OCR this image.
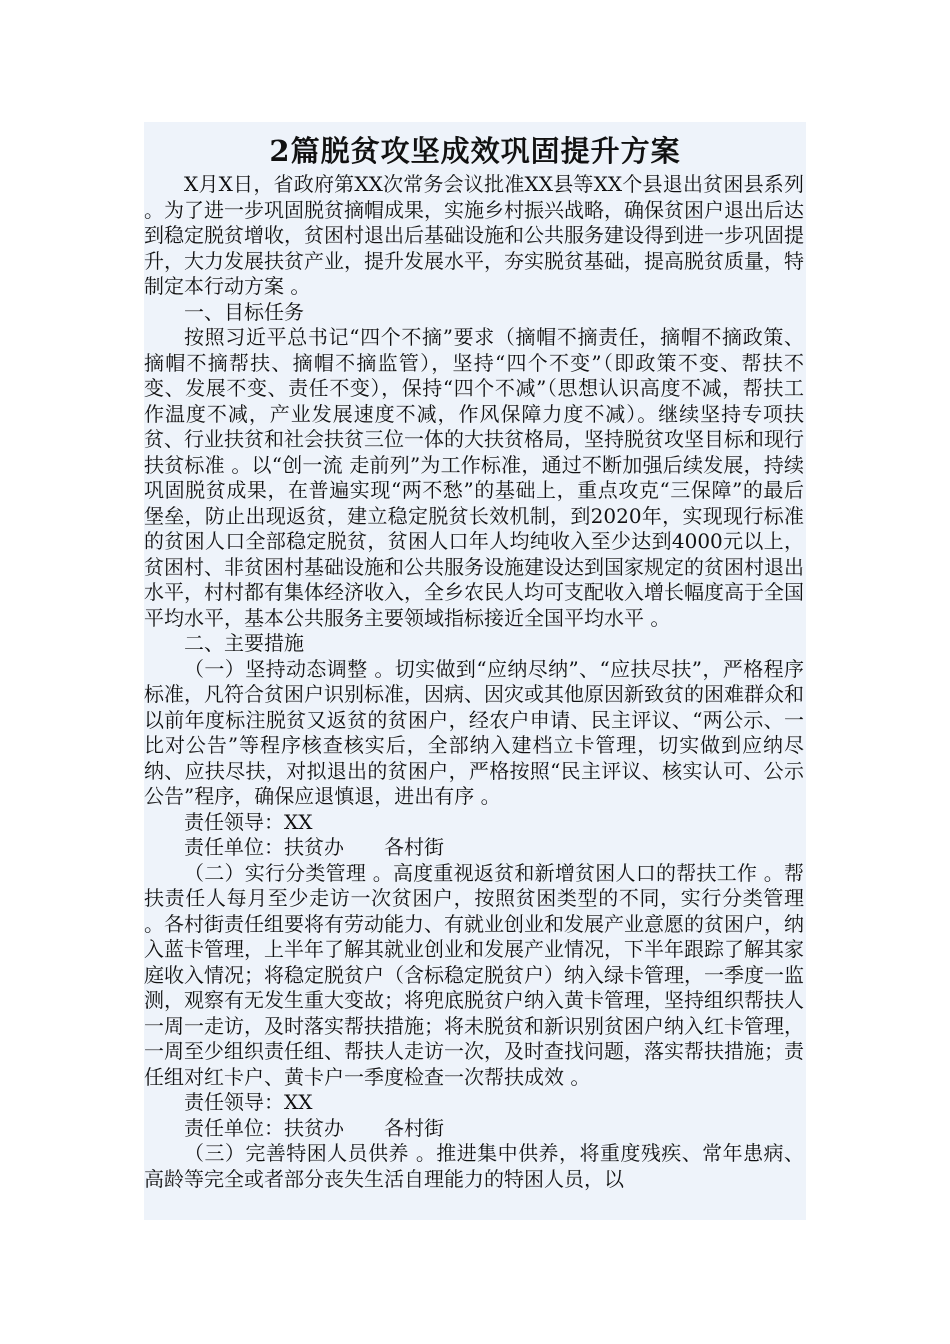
2篇脱贫攻坚成效巩固提升方案

X月X日，省政府第XX次常务会议批准XX县等XX个县退出贫困县系列 。为了进一步巩固脱贫摘帽成果，实施乡村振兴战略，确保贫困户退出后达到稳定脱贫增收，贫困村退出后基础设施和公共服务建设得到进一步巩固提升，大力发展扶贫产业，提升发展水平，夯实脱贫基础，提高脱贫质量，特制定本行动方案 。

一、目标任务

按照习近平总书记“四个不摘”要求（摘帽不摘责任，摘帽不摘政策、摘帽不摘帮扶、摘帽不摘监管），坚持“四个不变”（即政策不变、帮扶不变、发展不变、责任不变），保持“四个不减”（思想认识高度不减，帮扶工作温度不减，产业发展速度不减，作风保障力度不减）。继续坚持专项扶贫、行业扶贫和社会扶贫三位一体的大扶贫格局，坚持脱贫攻坚目标和现行扶贫标准 。以“创一流 走前列”为工作标准，通过不断加强后续发展，持续巩固脱贫成果，在普遍实现“两不愁”的基础上，重点攻克“三保障”的最后堡垒，防止出现返贫，建立稳定脱贫长效机制，到2020年，实现现行标准的贫困人口全部稳定脱贫，贫困人口年人均纯收入至少达到4000元以上，贫困村、非贫困村基础设施和公共服务设施建设达到国家规定的贫困村退出水平，村村都有集体经济收入，全乡农民人均可支配收入增长幅度高于全国平均水平，基本公共服务主要领域指标接近全国平均水平 。

二、主要措施

（一）坚持动态调整 。切实做到“应纳尽纳”、“应扶尽扶”，严格程序标准，凡符合贫困户识别标准，因病、因灾或其他原因新致贫的困难群众和以前年度标注脱贫又返贫的贫困户，经农户申请、民主评议、“两公示、一比对公告”等程序核查核实后，全部纳入建档立卡管理，切实做到应纳尽纳、应扶尽扶，对拟退出的贫困户，严格按照“民主评议、核实认可、公示公告”程序，确保应退慎退，进出有序 。

责任领导：XX

责任单位：扶贫办　　各村街

（二）实行分类管理 。高度重视返贫和新增贫困人口的帮扶工作 。帮扶责任人每月至少走访一次贫困户，按照贫困类型的不同，实行分类管理 。各村街责任组要将有劳动能力、有就业创业和发展产业意愿的贫困户，纳入蓝卡管理，上半年了解其就业创业和发展产业情况，下半年跟踪了解其家庭收入情况；将稳定脱贫户（含标稳定脱贫户）纳入绿卡管理，一季度一监测，观察有无发生重大变故；将兜底脱贫户纳入黄卡管理，坚持组织帮扶人一周一走访，及时落实帮扶措施；将未脱贫和新识别贫困户纳入红卡管理，一周至少组织责任组、帮扶人走访一次，及时查找问题，落实帮扶措施；责任组对红卡户、黄卡户一季度检查一次帮扶成效 。

责任领导：XX

责任单位：扶贫办　　各村街

（三）完善特困人员供养 。推进集中供养，将重度残疾、常年患病、高龄等完全或者部分丧失生活自理能力的特困人员，以
